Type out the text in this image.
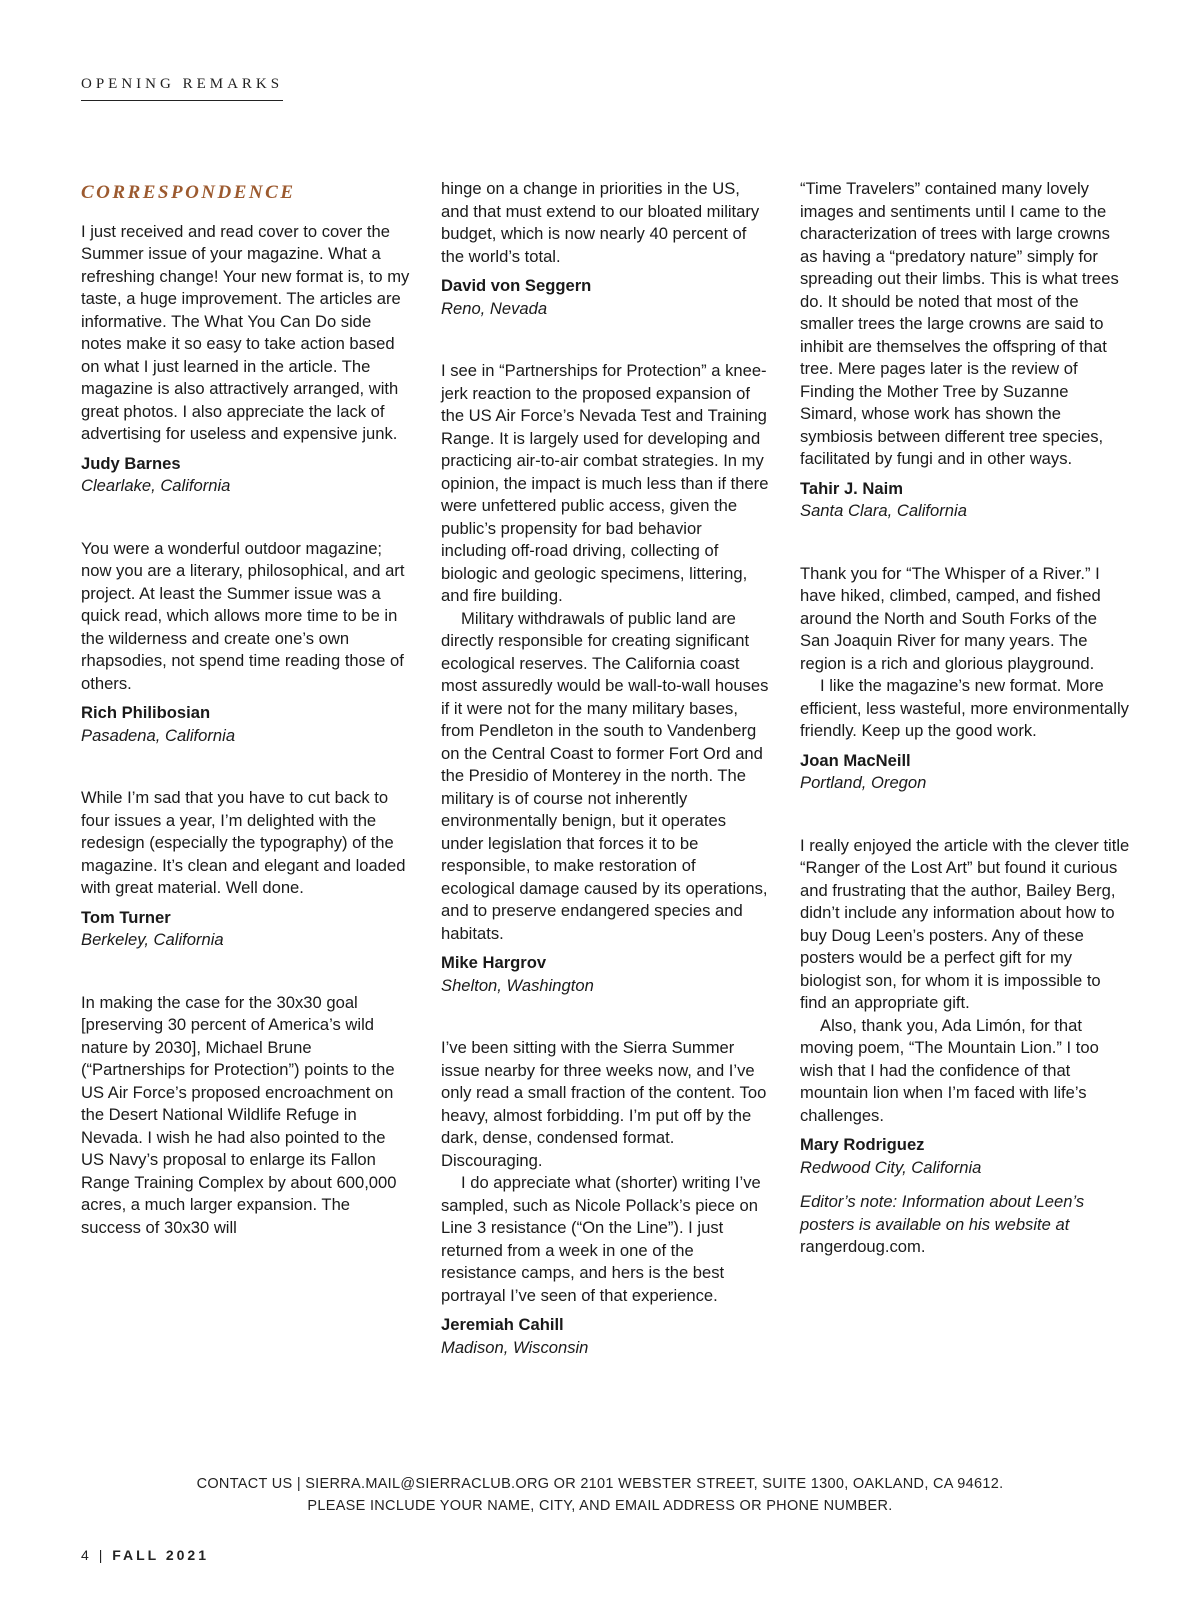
OPENING REMARKS
CORRESPONDENCE

I just received and read cover to cover the Summer issue of your magazine. What a refreshing change! Your new format is, to my taste, a huge improvement. The articles are informative. The What You Can Do side notes make it so easy to take action based on what I just learned in the article. The magazine is also attractively arranged, with great photos. I also appreciate the lack of advertising for useless and expensive junk.

Judy Barnes
Clearlake, California

You were a wonderful outdoor magazine; now you are a literary, philosophical, and art project. At least the Summer issue was a quick read, which allows more time to be in the wilderness and create one’s own rhapsodies, not spend time reading those of others.

Rich Philibosian
Pasadena, California

While I’m sad that you have to cut back to four issues a year, I’m delighted with the redesign (especially the typography) of the magazine. It’s clean and elegant and loaded with great material. Well done.

Tom Turner
Berkeley, California

In making the case for the 30x30 goal [preserving 30 percent of America’s wild nature by 2030], Michael Brune (“Partnerships for Protection”) points to the US Air Force’s proposed encroachment on the Desert National Wildlife Refuge in Nevada. I wish he had also pointed to the US Navy’s proposal to enlarge its Fallon Range Training Complex by about 600,000 acres, a much larger expansion. The success of 30x30 will

hinge on a change in priorities in the US, and that must extend to our bloated military budget, which is now nearly 40 percent of the world’s total.

David von Seggern
Reno, Nevada

I see in “Partnerships for Protection” a knee-jerk reaction to the proposed expansion of the US Air Force’s Nevada Test and Training Range. It is largely used for developing and practicing air-to-air combat strategies. In my opinion, the impact is much less than if there were unfettered public access, given the public’s propensity for bad behavior including off-road driving, collecting of biologic and geologic specimens, littering, and fire building.

Military withdrawals of public land are directly responsible for creating significant ecological reserves. The California coast most assuredly would be wall-to-wall houses if it were not for the many military bases, from Pendleton in the south to Vandenberg on the Central Coast to former Fort Ord and the Presidio of Monterey in the north. The military is of course not inherently environmentally benign, but it operates under legislation that forces it to be responsible, to make restoration of ecological damage caused by its operations, and to preserve endangered species and habitats.

Mike Hargrov
Shelton, Washington

I’ve been sitting with the Sierra Summer issue nearby for three weeks now, and I’ve only read a small fraction of the content. Too heavy, almost forbidding. I’m put off by the dark, dense, condensed format. Discouraging.

I do appreciate what (shorter) writing I’ve sampled, such as Nicole Pollack’s piece on Line 3 resistance (“On the Line”). I just returned from a week in one of the resistance camps, and hers is the best portrayal I’ve seen of that experience.

Jeremiah Cahill
Madison, Wisconsin

“Time Travelers” contained many lovely images and sentiments until I came to the characterization of trees with large crowns as having a “predatory nature” simply for spreading out their limbs. This is what trees do. It should be noted that most of the smaller trees the large crowns are said to inhibit are themselves the offspring of that tree. Mere pages later is the review of Finding the Mother Tree by Suzanne Simard, whose work has shown the symbiosis between different tree species, facilitated by fungi and in other ways.

Tahir J. Naim
Santa Clara, California

Thank you for “The Whisper of a River.” I have hiked, climbed, camped, and fished around the North and South Forks of the San Joaquin River for many years. The region is a rich and glorious playground.

I like the magazine’s new format. More efficient, less wasteful, more environmentally friendly. Keep up the good work.

Joan MacNeill
Portland, Oregon

I really enjoyed the article with the clever title “Ranger of the Lost Art” but found it curious and frustrating that the author, Bailey Berg, didn’t include any information about how to buy Doug Leen’s posters. Any of these posters would be a perfect gift for my biologist son, for whom it is impossible to find an appropriate gift.

Also, thank you, Ada Limón, for that moving poem, “The Mountain Lion.” I too wish that I had the confidence of that mountain lion when I’m faced with life’s challenges.

Mary Rodriguez
Redwood City, California

Editor’s note: Information about Leen’s posters is available on his website at rangerdoug.com.

CONTACT US | SIERRA.MAIL@SIERRACLUB.ORG OR 2101 WEBSTER STREET, SUITE 1300, OAKLAND, CA 94612.
PLEASE INCLUDE YOUR NAME, CITY, AND EMAIL ADDRESS OR PHONE NUMBER.
4 | FALL 2021
